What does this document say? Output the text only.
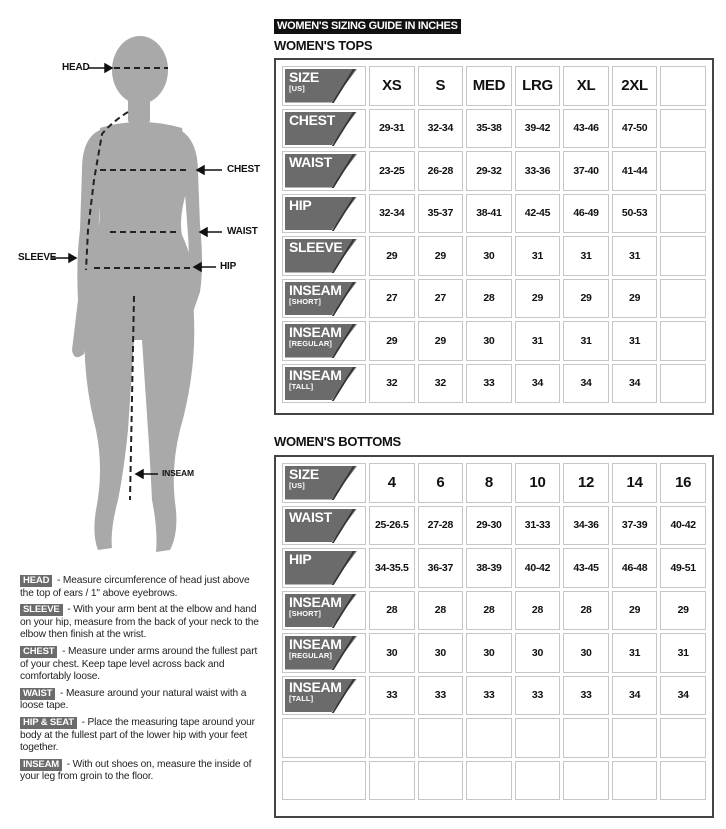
HEAD
CHEST
WAIST
SLEEVE
HIP
INSEAM
HEAD - Measure circumference of head just above the top of ears / 1" above eyebrows.
SLEEVE - With your arm bent at the elbow and hand on your hip, measure from the back of your neck to the elbow then finish at the wrist.
CHEST - Measure under arms around the fullest part of your chest. Keep tape level across back and comfortably loose.
WAIST - Measure around your natural waist with a loose tape.
HIP & SEAT - Place the measuring tape around your body at the fullest part of the lower hip with your feet together.
INSEAM - With out shoes on, measure the inside of your leg from groin to the floor.
WOMEN'S SIZING GUIDE IN INCHES
WOMEN'S TOPS
WOMEN'S BOTTOMS
SIZE
[US]	XS	S	MED	LRG	XL	2XL
CHEST
29-31	32-34	35-38	39-42	43-46	47-50
WAIST
23-25	26-28	29-32	33-36	37-40	41-44
HIP
32-34	35-37	38-41	42-45	46-49	50-53
SLEEVE
29	29	30	31	31	31
INSEAM
[SHORT]	27	27	28	29	29	29
INSEAM
[REGULAR]	29	29	30	31	31	31
INSEAM
[TALL]	32	32	33	34	34	34
SIZE
[US]	4	6	8	10	12	14	16
WAIST
25-26.5	27-28	29-30	31-33	34-36	37-39	40-42
HIP
34-35.5	36-37	38-39	40-42	43-45	46-48	49-51
INSEAM
[SHORT]	28	28	28	28	28	29	29
INSEAM
[REGULAR]	30	30	30	30	30	31	31
INSEAM
[TALL]	33	33	33	33	33	34	34
